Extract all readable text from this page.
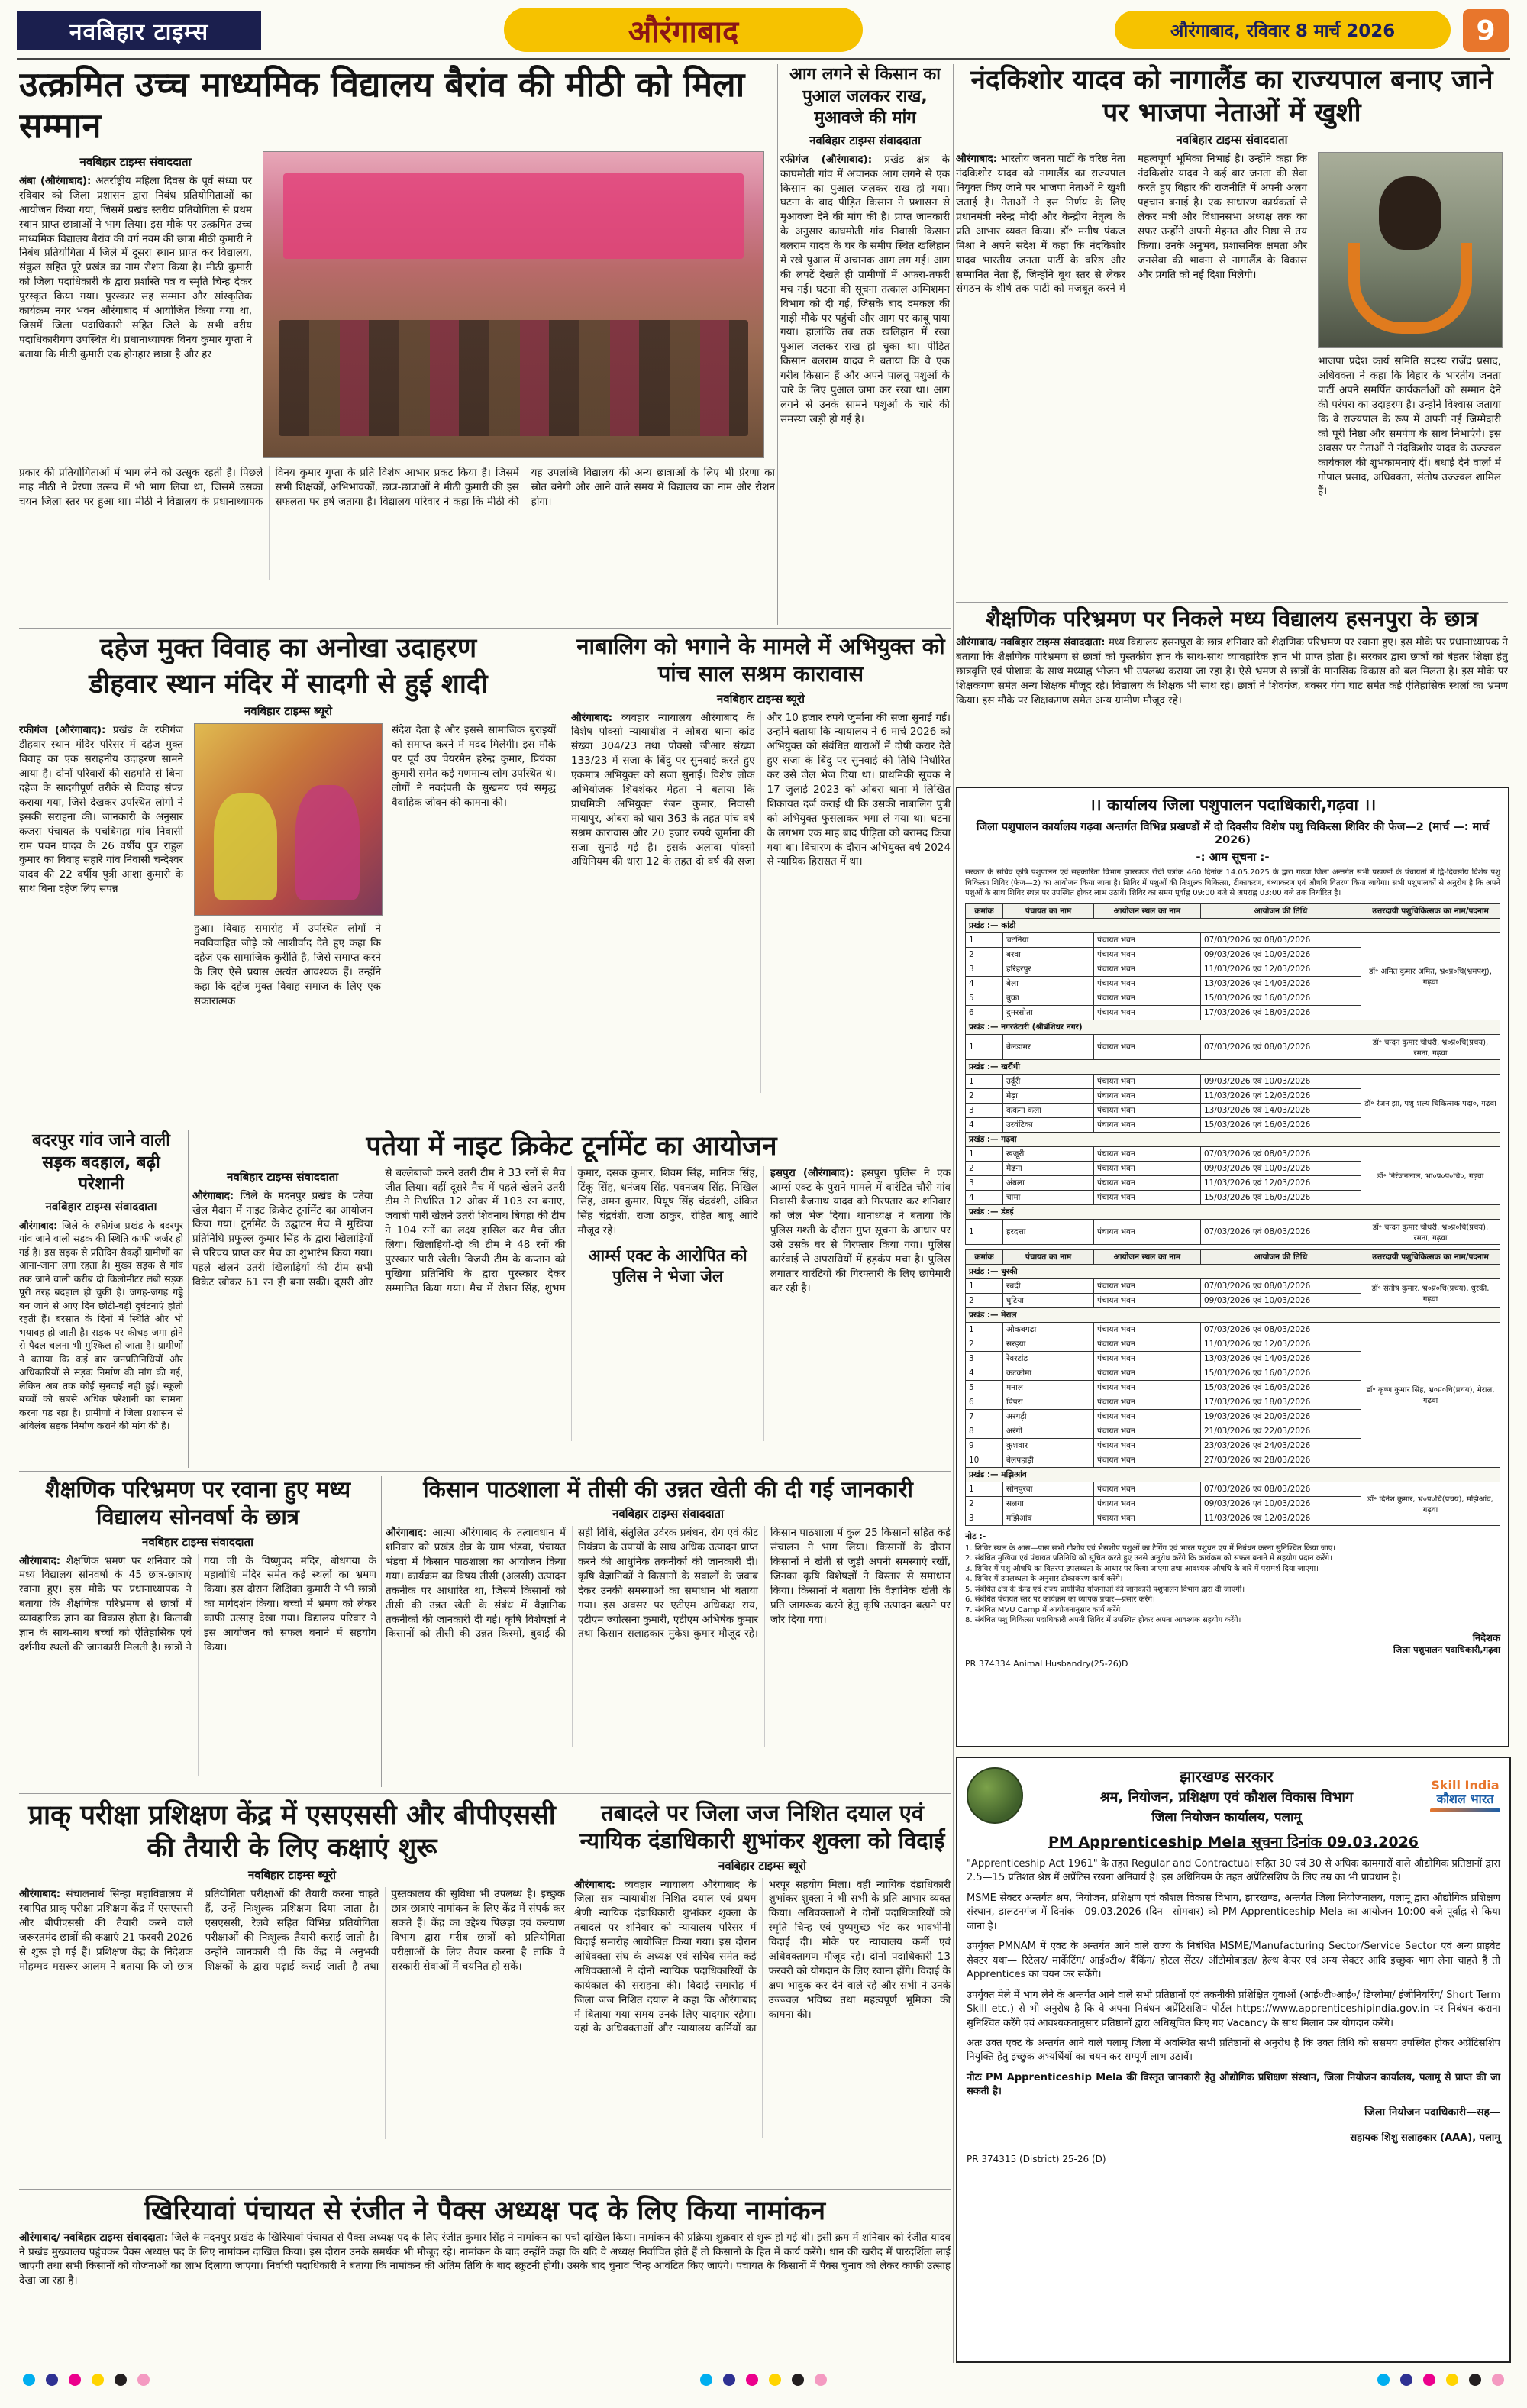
नवबिहार टाइम्स	औरंगाबाद	औरंगाबाद, रविवार 8 मार्च 2026	9
उत्क्रमित उच्च माध्यमिक विद्यालय बैरांव की मीठी को मिला सम्मान
नवबिहार टाइम्स संवाददाता

अंबा (औरंगाबाद): अंतर्राष्ट्रीय महिला दिवस के पूर्व संध्या पर रविवार को जिला प्रशासन द्वारा निबंध प्रतियोगिताओं का आयोजन किया गया, जिसमें प्रखंड स्तरीय प्रतियोगिता से प्रथम स्थान प्राप्त छात्राओं ने भाग लिया। इस मौके पर उत्क्रमित उच्च माध्यमिक विद्यालय बैरांव की वर्ग नवम की छात्रा मीठी कुमारी ने निबंध प्रतियोगिता में जिले में दूसरा स्थान प्राप्त कर विद्यालय, संकुल सहित पूरे प्रखंड का नाम रौशन किया है। मीठी कुमारी को जिला पदाधिकारी के द्वारा प्रशस्ति पत्र व स्मृति चिन्ह देकर पुरस्कृत किया गया। पुरस्कार सह सम्मान और सांस्कृतिक कार्यक्रम नगर भवन औरंगाबाद में आयोजित किया गया था, जिसमें जिला पदाधिकारी सहित जिले के सभी वरीय पदाधिकारीगण उपस्थित थे। प्रधानाध्यापक विनय कुमार गुप्ता ने बताया कि मीठी कुमारी एक होनहार छात्रा है और हर

प्रकार की प्रतियोगिताओं में भाग लेने को उत्सुक रहती है। पिछले माह मीठी ने प्रेरणा उत्सव में भी भाग लिया था, जिसमें उसका चयन जिला स्तर पर हुआ था। मीठी ने विद्यालय के प्रधानाध्यापक विनय कुमार गुप्ता के प्रति विशेष आभार प्रकट किया है। जिसमें सभी शिक्षकों, अभिभावकों, छात्र-छात्राओं ने मीठी कुमारी की इस सफलता पर हर्ष जताया है। विद्यालय परिवार ने कहा कि मीठी की यह उपलब्धि विद्यालय की अन्य छात्राओं के लिए भी प्रेरणा का स्रोत बनेगी और आने वाले समय में विद्यालय का नाम और रौशन होगा।

आग लगने से किसान का पुआल जलकर राख, मुआवजे की मांग
नवबिहार टाइम्स संवाददाता

रफीगंज (औरंगाबाद): प्रखंड क्षेत्र के काघमोती गांव में अचानक आग लगने से एक किसान का पुआल जलकर राख हो गया। घटना के बाद पीड़ित किसान ने प्रशासन से मुआवजा देने की मांग की है। प्राप्त जानकारी के अनुसार काघमोती गांव निवासी किसान बलराम यादव के घर के समीप स्थित खलिहान में रखे पुआल में अचानक आग लग गई। आग की लपटें देखते ही ग्रामीणों में अफरा-तफरी मच गई। घटना की सूचना तत्काल अग्निशमन विभाग को दी गई, जिसके बाद दमकल की गाड़ी मौके पर पहुंची और आग पर काबू पाया गया। हालांकि तब तक खलिहान में रखा पुआल जलकर राख हो चुका था। पीड़ित किसान बलराम यादव ने बताया कि वे एक गरीब किसान हैं और अपने पालतू पशुओं के चारे के लिए पुआल जमा कर रखा था। आग लगने से उनके सामने पशुओं के चारे की समस्या खड़ी हो गई है।

नंदकिशोर यादव को नागालैंड का राज्यपाल बनाए जाने पर भाजपा नेताओं में खुशी
नवबिहार टाइम्स संवाददाता

औरंगाबाद: भारतीय जनता पार्टी के वरिष्ठ नेता नंदकिशोर यादव को नागालैंड का राज्यपाल नियुक्त किए जाने पर भाजपा नेताओं ने खुशी जताई है। नेताओं ने इस निर्णय के लिए प्रधानमंत्री नरेन्द्र मोदी और केन्द्रीय नेतृत्व के प्रति आभार व्यक्त किया। डॉ॰ मनीष पंकज मिश्रा ने अपने संदेश में कहा कि नंदकिशोर यादव भारतीय जनता पार्टी के वरिष्ठ और सम्मानित नेता हैं, जिन्होंने बूथ स्तर से लेकर संगठन के शीर्ष तक पार्टी को मजबूत करने में महत्वपूर्ण भूमिका निभाई है। उन्होंने कहा कि नंदकिशोर यादव ने कई बार जनता की सेवा करते हुए बिहार की राजनीति में अपनी अलग पहचान बनाई है। एक साधारण कार्यकर्ता से लेकर मंत्री और विधानसभा अध्यक्ष तक का सफर उन्होंने अपनी मेहनत और निष्ठा से तय किया। उनके अनुभव, प्रशासनिक क्षमता और जनसेवा की भावना से नागालैंड के विकास और प्रगति को नई दिशा मिलेगी।

भाजपा प्रदेश कार्य समिति सदस्य राजेंद्र प्रसाद, अधिवक्ता ने कहा कि बिहार के भारतीय जनता पार्टी अपने समर्पित कार्यकर्ताओं को सम्मान देने की परंपरा का उदाहरण है। उन्होंने विश्वास जताया कि वे राज्यपाल के रूप में अपनी नई जिम्मेदारी को पूरी निष्ठा और समर्पण के साथ निभाएंगे। इस अवसर पर नेताओं ने नंदकिशोर यादव के उज्ज्वल कार्यकाल की शुभकामनाएं दीं। बधाई देने वालों में गोपाल प्रसाद, अधिवक्ता, संतोष उज्ज्वल शामिल हैं।

दहेज मुक्त विवाह का अनोखा उदाहरण
डीहवार स्थान मंदिर में सादगी से हुई शादी
नवबिहार टाइम्स ब्यूरो

रफीगंज (औरंगाबाद): प्रखंड के रफीगंज डीहवार स्थान मंदिर परिसर में दहेज मुक्त विवाह का एक सराहनीय उदाहरण सामने आया है। दोनों परिवारों की सहमति से बिना दहेज के सादगीपूर्ण तरीके से विवाह संपन्न कराया गया, जिसे देखकर उपस्थित लोगों ने इसकी सराहना की। जानकारी के अनुसार कजरा पंचायत के पचबिगहा गांव निवासी राम पचन यादव के 26 वर्षीय पुत्र राहुल कुमार का विवाह सहारे गांव निवासी चन्देश्वर यादव की 22 वर्षीय पुत्री आशा कुमारी के साथ बिना दहेज लिए संपन्न

हुआ। विवाह समारोह में उपस्थित लोगों ने नवविवाहित जोड़े को आशीर्वाद देते हुए कहा कि दहेज एक सामाजिक कुरीति है, जिसे समाप्त करने के लिए ऐसे प्रयास अत्यंत आवश्यक हैं। उन्होंने कहा कि दहेज मुक्त विवाह समाज के लिए एक सकारात्मक

संदेश देता है और इससे सामाजिक बुराइयों को समाप्त करने में मदद मिलेगी। इस मौके पर पूर्व उप चेयरमैन हरेन्द्र कुमार, प्रियंका कुमारी समेत कई गणमान्य लोग उपस्थित थे। लोगों ने नवदंपती के सुखमय एवं समृद्ध वैवाहिक जीवन की कामना की।

नाबालिग को भगाने के मामले में अभियुक्त को पांच साल सश्रम कारावास
नवबिहार टाइम्स ब्यूरो

औरंगाबाद: व्यवहार न्यायालय औरंगाबाद के विशेष पोक्सो न्यायाधीश ने ओबरा थाना कांड संख्या 304/23 तथा पोक्सो जीआर संख्या 133/23 में सजा के बिंदु पर सुनवाई करते हुए एकमात्र अभियुक्त को सजा सुनाई। विशेष लोक अभियोजक शिवशंकर मेहता ने बताया कि प्राथमिकी अभियुक्त रंजन कुमार, निवासी मायापुर, ओबरा को धारा 363 के तहत पांच वर्ष सश्रम कारावास और 20 हजार रुपये जुर्माना की सजा सुनाई गई है। इसके अलावा पोक्सो अधिनियम की धारा 12 के तहत दो वर्ष की सजा और 10 हजार रुपये जुर्माना की सजा सुनाई गई। उन्होंने बताया कि न्यायालय ने 6 मार्च 2026 को अभियुक्त को संबंधित धाराओं में दोषी करार देते हुए सजा के बिंदु पर सुनवाई की तिथि निर्धारित कर उसे जेल भेज दिया था। प्राथमिकी सूचक ने 17 जुलाई 2023 को ओबरा थाना में लिखित शिकायत दर्ज कराई थी कि उसकी नाबालिग पुत्री को अभियुक्त फुसलाकर भगा ले गया था। घटना के लगभग एक माह बाद पीड़िता को बरामद किया गया था। विचारण के दौरान अभियुक्त वर्ष 2024 से न्यायिक हिरासत में था।

शैक्षणिक परिभ्रमण पर निकले मध्य विद्यालय हसनपुरा के छात्र

औरंगाबाद/ नवबिहार टाइम्स संवाददाता: मध्य विद्यालय हसनपुरा के छात्र शनिवार को शैक्षणिक परिभ्रमण पर रवाना हुए। इस मौके पर प्रधानाध्यापक ने बताया कि शैक्षणिक परिभ्रमण से छात्रों को पुस्तकीय ज्ञान के साथ-साथ व्यावहारिक ज्ञान भी प्राप्त होता है। सरकार द्वारा छात्रों को बेहतर शिक्षा हेतु छात्रवृत्ति एवं पोशाक के साथ मध्याह्न भोजन भी उपलब्ध कराया जा रहा है। ऐसे भ्रमण से छात्रों के मानसिक विकास को बल मिलता है। इस मौके पर शिक्षकगण समेत अन्य शिक्षक मौजूद रहे। विद्यालय के शिक्षक भी साथ रहे। छात्रों ने शिवगंज, बक्सर गंगा घाट समेत कई ऐतिहासिक स्थलों का भ्रमण किया। इस मौके पर शिक्षकगण समेत अन्य ग्रामीण मौजूद रहे।

।। कार्यालय जिला पशुपालन पदाधिकारी,गढ़वा ।।

जिला पशुपालन कार्यालय गढ़वा अन्तर्गत विभिन्न प्रखण्डों में दो दिवसीय विशेष पशु चिकित्सा शिविर की फेज—2 (मार्च —: मार्च 2026)

-: आम सूचना :-

सरकार के सचिव कृषि पशुपालन एवं सहकारिता विभाग झारखण्ड राँची पत्रांक 460 दिनांक 14.05.2025 के द्वारा गढ़वा जिला अन्तर्गत सभी प्रखण्डों के पंचायतों में द्वि-दिवसीय विशेष पशु चिकित्सा शिविर (फेज—2) का आयोजन किया जाना है। शिविर में पशुओं की निःशुल्क चिकित्सा, टीकाकरण, बंध्याकरण एवं औषधि वितरण किया जायेगा। सभी पशुपालकों से अनुरोध है कि अपने पशुओं के साथ शिविर स्थल पर उपस्थित होकर लाभ उठावें। शिविर का समय पूर्वाह्न 09:00 बजे से अपराह्न 03:00 बजे तक निर्धारित है।

क्रमांक	पंचायत का नाम	आयोजन स्थल का नाम	आयोजन की तिथि	उत्तरदायी पशुचिकित्सक का नाम/पदनाम
प्रखंड :— कांडी				
1	चटनिया	पंचायत भवन	07/03/2026 एवं 08/03/2026	डॉ॰ अमित कुमार अमित, भ्र०प्र०चि(भ्रमपशु), गढ़वा
2	बरवा	पंचायत भवन	09/03/2026 एवं 10/03/2026	
3	हरिहरपुर	पंचायत भवन	11/03/2026 एवं 12/03/2026	
4	बेला	पंचायत भवन	13/03/2026 एवं 14/03/2026	
5	बुका	पंचायत भवन	15/03/2026 एवं 16/03/2026	
6	दुमरसोता	पंचायत भवन	17/03/2026 एवं 18/03/2026	
प्रखंड :— नगरउंटारी (श्रीबंशिधर नगर)				
1	बेलडामर	पंचायत भवन	07/03/2026 एवं 08/03/2026	डॉ॰ चन्दन कुमार चौधरी, भ्र०प्र०चि(प्रचय), रमना, गढ़वा
प्रखंड :— खरौंधी				
1	उर्दूरी	पंचायत भवन	09/03/2026 एवं 10/03/2026	डॉ॰ रंजन झा, पशु शल्य चिकित्सक पदा०, गढ़वा
2	मेढ़ा	पंचायत भवन	11/03/2026 एवं 12/03/2026	
3	ककना कला	पंचायत भवन	13/03/2026 एवं 14/03/2026	
4	उरवंटिका	पंचायत भवन	15/03/2026 एवं 16/03/2026	
प्रखंड :— गढ़वा				
1	खजूरी	पंचायत भवन	07/03/2026 एवं 08/03/2026	डॉ॰ निरंजनलाल, भ्रा०प्र०प०चि०, गढ़वा
2	मेढ़ना	पंचायत भवन	09/03/2026 एवं 10/03/2026	
3	अंबला	पंचायत भवन	11/03/2026 एवं 12/03/2026	
4	चामा	पंचायत भवन	15/03/2026 एवं 16/03/2026	
प्रखंड :— डंडई				
1	हरदत्ता	पंचायत भवन	07/03/2026 एवं 08/03/2026	डॉ॰ चन्दन कुमार चौधरी, भ्र०प्र०चि(प्रचय), रमना, गढ़वा
क्रमांक	पंचायत का नाम	आयोजन स्थल का नाम	आयोजन की तिथि	उत्तरदायी पशुचिकित्सक का नाम/पदनाम
प्रखंड :— धुरकी				
1	रबदी	पंचायत भवन	07/03/2026 एवं 08/03/2026	डॉ॰ संतोष कुमार, भ्र०प्र०चि(प्रचय), धुरकी, गढ़वा
2	घुटिया	पंचायत भवन	09/03/2026 एवं 10/03/2026	
प्रखंड :— मेराल				
1	ओकबगढ़ा	पंचायत भवन	07/03/2026 एवं 08/03/2026	डॉ॰ कृष्ण कुमार सिंह, भ्र०प्र०चि(प्रचय), मेराल, गढ़वा
2	सरइया	पंचायत भवन	11/03/2026 एवं 12/03/2026	
3	रेवरटांड़	पंचायत भवन	13/03/2026 एवं 14/03/2026	
4	कटकोमा	पंचायत भवन	15/03/2026 एवं 16/03/2026	
5	मनाल	पंचायत भवन	15/03/2026 एवं 16/03/2026	
6	पिपरा	पंचायत भवन	17/03/2026 एवं 18/03/2026	
7	अरगड़ी	पंचायत भवन	19/03/2026 एवं 20/03/2026	
8	अरंगी	पंचायत भवन	21/03/2026 एवं 22/03/2026	
9	कुशवार	पंचायत भवन	23/03/2026 एवं 24/03/2026	
10	बेलपहाड़ी	पंचायत भवन	27/03/2026 एवं 28/03/2026	
प्रखंड :— मझिआंव				
1	सोनपुरवा	पंचायत भवन	07/03/2026 एवं 08/03/2026	डॉ॰ दिनेश कुमार, भ्र०प्र०चि(प्रचय), मझिआंव, गढ़वा
2	सलगा	पंचायत भवन	09/03/2026 एवं 10/03/2026	
3	मझिआंव	पंचायत भवन	11/03/2026 एवं 12/03/2026	
नोट :-
1. शिविर स्थल के आस—पास सभी गौशीप एवं भैसशीप पशुओं का टैगिंग एवं भारत पशुधन एप में निबंधन करना सुनिश्चित किया जाए।
2. संबंधित मुखिया एवं पंचायत प्रतिनिधि को सूचित करते हुए उनसे अनुरोध करेंगे कि कार्यक्रम को सफल बनाने में सहयोग प्रदान करेंगे।
3. शिविर में पशु औषधि का वितरण उपलब्धता के आधार पर किया जाएगा तथा आवश्यक औषधि के बारे में परामर्श दिया जाएगा।
4. शिविर में उपलब्धता के अनुसार टीकाकरण कार्य करेंगे।
5. संबंधित क्षेत्र के केन्द्र एवं राज्य प्रायोजित योजनाओं की जानकारी पशुपालन विभाग द्वारा दी जाएगी।
6. संबंधित पंचायत स्तर पर कार्यक्रम का व्यापक प्रचार—प्रसार करेंगे।
7. संबंधित MVU Camp में आयोजनानुसार कार्य करेंगे।
8. संबंधित पशु चिकित्सा पदाधिकारी अपनी शिविर में उपस्थित होकर अपना आवश्यक सहयोग करेंगे।
निदेशक
जिला पशुपालन पदाधिकारी,गढ़वा
PR 374334 Animal Husbandry(25-26)D
बदरपुर गांव जाने वाली सड़क बदहाल, बढ़ी परेशानी
नवबिहार टाइम्स संवाददाता

औरंगाबाद: जिले के रफीगंज प्रखंड के बदरपुर गांव जाने वाली सड़क की स्थिति काफी जर्जर हो गई है। इस सड़क से प्रतिदिन सैकड़ों ग्रामीणों का आना-जाना लगा रहता है। मुख्य सड़क से गांव तक जाने वाली करीब दो किलोमीटर लंबी सड़क पूरी तरह बदहाल हो चुकी है। जगह-जगह गड्ढे बन जाने से आए दिन छोटी-बड़ी दुर्घटनाएं होती रहती हैं। बरसात के दिनों में स्थिति और भी भयावह हो जाती है। सड़क पर कीचड़ जमा होने से पैदल चलना भी मुश्किल हो जाता है। ग्रामीणों ने बताया कि कई बार जनप्रतिनिधियों और अधिकारियों से सड़क निर्माण की मांग की गई, लेकिन अब तक कोई सुनवाई नहीं हुई। स्कूली बच्चों को सबसे अधिक परेशानी का सामना करना पड़ रहा है। ग्रामीणों ने जिला प्रशासन से अविलंब सड़क निर्माण कराने की मांग की है।

पतेया में नाइट क्रिकेट टूर्नामेंट का आयोजन
नवबिहार टाइम्स संवाददाता

औरंगाबाद: जिले के मदनपुर प्रखंड के पतेया खेल मैदान में नाइट क्रिकेट टूर्नामेंट का आयोजन किया गया। टूर्नामेंट के उद्घाटन मैच में मुखिया प्रतिनिधि प्रफुल्ल कुमार सिंह के द्वारा खिलाड़ियों से परिचय प्राप्त कर मैच का शुभारंभ किया गया। पहले खेलने उतरी खिलाड़ियों की टीम सभी विकेट खोकर 61 रन ही बना सकी। दूसरी ओर से बल्लेबाजी करने उतरी टीम ने 33 रनों से मैच जीत लिया। वहीं दूसरे मैच में पहले खेलने उतरी टीम ने निर्धारित 12 ओवर में 103 रन बनाए, जवाबी पारी खेलने उतरी शिवनाथ बिगहा की टीम ने 104 रनों का लक्ष्य हासिल कर मैच जीत लिया। खिलाड़ियों-दो की टीम ने 48 रनों की पुरस्कार पारी खेली। विजयी टीम के कप्तान को मुखिया प्रतिनिधि के द्वारा पुरस्कार देकर सम्मानित किया गया। मैच में रोशन सिंह, शुभम कुमार, दसक कुमार, शिवम सिंह, मानिक सिंह, टिंकू सिंह, धनंजय सिंह, पवनजय सिंह, निखिल सिंह, अमन कुमार, पियूष सिंह चंद्रवंशी, अंकित सिंह चंद्रवंशी, राजा ठाकुर, रोहित बाबू आदि मौजूद रहे।

आर्म्स एक्ट के आरोपित को पुलिस ने भेजा जेल

हसपुरा (औरंगाबाद): हसपुरा पुलिस ने एक आर्म्स एक्ट के पुराने मामले में वारंटित चौरी गांव निवासी बैजनाथ यादव को गिरफ्तार कर शनिवार को जेल भेज दिया। थानाध्यक्ष ने बताया कि पुलिस गश्ती के दौरान गुप्त सूचना के आधार पर उसे उसके घर से गिरफ्तार किया गया। पुलिस कार्रवाई से अपराधियों में हड़कंप मचा है। पुलिस लगातार वारंटियों की गिरफ्तारी के लिए छापेमारी कर रही है।

शैक्षणिक परिभ्रमण पर रवाना हुए मध्य विद्यालय सोनवर्षा के छात्र
नवबिहार टाइम्स संवाददाता

औरंगाबाद: शैक्षणिक भ्रमण पर शनिवार को मध्य विद्यालय सोनवर्षा के 45 छात्र-छात्राएं रवाना हुए। इस मौके पर प्रधानाध्यापक ने बताया कि शैक्षणिक परिभ्रमण से छात्रों में व्यावहारिक ज्ञान का विकास होता है। किताबी ज्ञान के साथ-साथ बच्चों को ऐतिहासिक एवं दर्शनीय स्थलों की जानकारी मिलती है। छात्रों ने गया जी के विष्णुपद मंदिर, बोधगया के महाबोधि मंदिर समेत कई स्थलों का भ्रमण किया। इस दौरान शिक्षिका कुमारी ने भी छात्रों का मार्गदर्शन किया। बच्चों में भ्रमण को लेकर काफी उत्साह देखा गया। विद्यालय परिवार ने इस आयोजन को सफल बनाने में सहयोग किया।

किसान पाठशाला में तीसी की उन्नत खेती की दी गई जानकारी
नवबिहार टाइम्स संवाददाता

औरंगाबाद: आत्मा औरंगाबाद के तत्वावधान में शनिवार को प्रखंड क्षेत्र के ग्राम भंडवा, पंचायत भंडवा में किसान पाठशाला का आयोजन किया गया। कार्यक्रम का विषय तीसी (अलसी) उत्पादन तकनीक पर आधारित था, जिसमें किसानों को तीसी की उन्नत खेती के संबंध में वैज्ञानिक तकनीकों की जानकारी दी गई। कृषि विशेषज्ञों ने किसानों को तीसी की उन्नत किस्मों, बुवाई की सही विधि, संतुलित उर्वरक प्रबंधन, रोग एवं कीट नियंत्रण के उपायों के साथ अधिक उत्पादन प्राप्त करने की आधुनिक तकनीकों की जानकारी दी। कृषि वैज्ञानिकों ने किसानों के सवालों के जवाब देकर उनकी समस्याओं का समाधान भी बताया गया। इस अवसर पर एटीएम अधिकक्ष राय, एटीएम ज्योत्सना कुमारी, एटीएम अभिषेक कुमार तथा किसान सलाहकार मुकेश कुमार मौजूद रहे। किसान पाठशाला में कुल 25 किसानों सहित कई संचालन ने भाग लिया। किसानों के दौरान किसानों ने खेती से जुड़ी अपनी समस्याएं रखीं, जिनका कृषि विशेषज्ञों ने विस्तार से समाधान किया। किसानों ने बताया कि वैज्ञानिक खेती के प्रति जागरूक करने हेतु कृषि उत्पादन बढ़ाने पर जोर दिया गया।

प्राक् परीक्षा प्रशिक्षण केंद्र में एसएससी और बीपीएससी की तैयारी के लिए कक्षाएं शुरू
नवबिहार टाइम्स ब्यूरो

औरंगाबाद: संचालनार्थ सिन्हा महाविद्यालय में स्थापित प्राक् परीक्षा प्रशिक्षण केंद्र में एसएससी और बीपीएससी की तैयारी करने वाले जरूरतमंद छात्रों की कक्षाएं 21 फरवरी 2026 से शुरू हो गई हैं। प्रशिक्षण केंद्र के निदेशक मोहम्मद मसरूर आलम ने बताया कि जो छात्र प्रतियोगिता परीक्षाओं की तैयारी करना चाहते हैं, उन्हें निःशुल्क प्रशिक्षण दिया जाता है। एसएससी, रेलवे सहित विभिन्न प्रतियोगिता परीक्षाओं की निःशुल्क तैयारी कराई जाती है। उन्होंने जानकारी दी कि केंद्र में अनुभवी शिक्षकों के द्वारा पढ़ाई कराई जाती है तथा पुस्तकालय की सुविधा भी उपलब्ध है। इच्छुक छात्र-छात्राएं नामांकन के लिए केंद्र में संपर्क कर सकते हैं। केंद्र का उद्देश्य पिछड़ा एवं कल्याण विभाग द्वारा गरीब छात्रों को प्रतियोगिता परीक्षाओं के लिए तैयार करना है ताकि वे सरकारी सेवाओं में चयनित हो सकें।

तबादले पर जिला जज निशित दयाल एवं न्यायिक दंडाधिकारी शुभांकर शुक्ला को विदाई
नवबिहार टाइम्स ब्यूरो

औरंगाबाद: व्यवहार न्यायालय औरंगाबाद के जिला सत्र न्यायाधीश निशित दयाल एवं प्रथम श्रेणी न्यायिक दंडाधिकारी शुभांकर शुक्ला के तबादले पर शनिवार को न्यायालय परिसर में विदाई समारोह आयोजित किया गया। इस दौरान अधिवक्ता संघ के अध्यक्ष एवं सचिव समेत कई अधिवक्ताओं ने दोनों न्यायिक पदाधिकारियों के कार्यकाल की सराहना की। विदाई समारोह में जिला जज निशित दयाल ने कहा कि औरंगाबाद में बिताया गया समय उनके लिए यादगार रहेगा। यहां के अधिवक्ताओं और न्यायालय कर्मियों का भरपूर सहयोग मिला। वहीं न्यायिक दंडाधिकारी शुभांकर शुक्ला ने भी सभी के प्रति आभार व्यक्त किया। अधिवक्ताओं ने दोनों पदाधिकारियों को स्मृति चिन्ह एवं पुष्पगुच्छ भेंट कर भावभीनी विदाई दी। मौके पर न्यायालय कर्मी एवं अधिवक्तागण मौजूद रहे। दोनों पदाधिकारी 13 फरवरी को योगदान के लिए रवाना होंगे। विदाई के क्षण भावुक कर देने वाले रहे और सभी ने उनके उज्ज्वल भविष्य तथा महत्वपूर्ण भूमिका की कामना की।

झारखण्ड सरकार

श्रम, नियोजन, प्रशिक्षण एवं कौशल विकास विभाग

जिला नियोजन कार्यालय, पलामू

Skill India
कौशल भारत

PM Apprenticeship Mela सूचना दिनांक 09.03.2026

"Apprenticeship Act 1961" के तहत Regular and Contractual सहित 30 एवं 30 से अधिक कामगारों वाले औद्योगिक प्रतिष्ठानों द्वारा 2.5—15 प्रतिशत श्रेष्ठ में अप्रेंटिस रखना अनिवार्य है। इस अधिनियम के तहत अप्रेंटिसशिप के लिए उम्र का भी प्रावधान है।

MSME सेक्टर अन्तर्गत श्रम, नियोजन, प्रशिक्षण एवं कौशल विकास विभाग, झारखण्ड, अन्तर्गत जिला नियोजनालय, पलामू द्वारा औद्योगिक प्रशिक्षण संस्थान, डालटनगंज में दिनांक—09.03.2026 (दिन—सोमवार) को PM Apprenticeship Mela का आयोजन 10:00 बजे पूर्वाह्न से किया जाना है।

उपर्युक्त PMNAM में एक्ट के अन्तर्गत आने वाले राज्य के निबंधित MSME/Manufacturing Sector/Service Sector एवं अन्य प्राइवेट सेक्टर यथा— रिटेलर/ मार्केटिंग/ आई०टी०/ बैंकिंग/ होटल सेंटर/ ऑटोमोबाइल/ हेल्थ केयर एवं अन्य सेक्टर आदि इच्छुक भाग लेना चाहते हैं तो Apprentices का चयन कर सकेंगे।

उपर्युक्त मेले में भाग लेने के अन्तर्गत आने वाले सभी प्रतिष्ठानों एवं तकनीकी प्रशिक्षित युवाओं (आई०टी०आई०/ डिप्लोमा/ इंजीनियरिंग/ Short Term Skill etc.) से भी अनुरोध है कि वे अपना निबंधन अप्रेंटिसशिप पोर्टल https://www.apprenticeshipindia.gov.in पर निबंधन कराना सुनिश्चित करेंगे एवं आवश्यकतानुसार प्रतिष्ठानों द्वारा अधिसूचित किए गए Vacancy के साथ मिलान कर योगदान करेंगे।

अतः उक्त एक्ट के अन्तर्गत आने वाले पलामू जिला में अवस्थित सभी प्रतिष्ठानों से अनुरोध है कि उक्त तिथि को ससमय उपस्थित होकर अप्रेंटिसशिप नियुक्ति हेतु इच्छुक अभ्यर्थियों का चयन कर सम्पूर्ण लाभ उठावें।

नोटः PM Apprenticeship Mela की विस्तृत जानकारी हेतु औद्योगिक प्रशिक्षण संस्थान, जिला नियोजन कार्यालय, पलामू से प्राप्त की जा सकती है।

जिला नियोजन पदाधिकारी—सह—

सहायक शिशु सलाहकार (AAA), पलामू

PR 374315 (District) 25-26 (D)

खिरियावां पंचायत से रंजीत ने पैक्स अध्यक्ष पद के लिए किया नामांकन

औरंगाबाद/ नवबिहार टाइम्स संवाददाता: जिले के मदनपुर प्रखंड के खिरियावां पंचायत से पैक्स अध्यक्ष पद के लिए रंजीत कुमार सिंह ने नामांकन का पर्चा दाखिल किया। नामांकन की प्रक्रिया शुक्रवार से शुरू हो गई थी। इसी क्रम में शनिवार को रंजीत यादव ने प्रखंड मुख्यालय पहुंचकर पैक्स अध्यक्ष पद के लिए नामांकन दाखिल किया। इस दौरान उनके समर्थक भी मौजूद रहे। नामांकन के बाद उन्होंने कहा कि यदि वे अध्यक्ष निर्वाचित होते हैं तो किसानों के हित में कार्य करेंगे। धान की खरीद में पारदर्शिता लाई जाएगी तथा सभी किसानों को योजनाओं का लाभ दिलाया जाएगा। निर्वाची पदाधिकारी ने बताया कि नामांकन की अंतिम तिथि के बाद स्क्रूटनी होगी। उसके बाद चुनाव चिन्ह आवंटित किए जाएंगे। पंचायत के किसानों में पैक्स चुनाव को लेकर काफी उत्साह देखा जा रहा है।
